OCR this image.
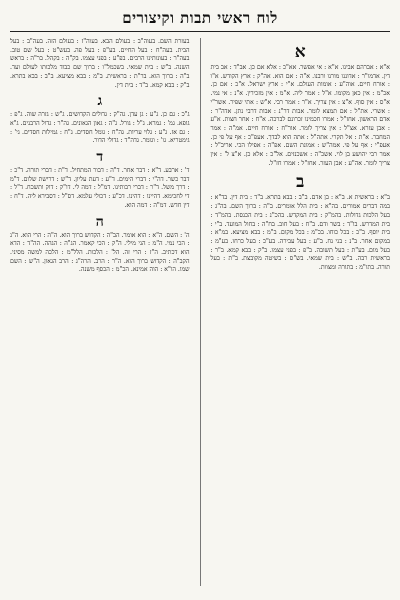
לוח ראשי תבות וקיצורים
א

א"א : אברהם אבינו. א"א : אי אפשר. אא"כ : אלא אם כן. אב"ד : אב בית דין. אדמו"ר : אדוננו מורנו ורבנו. א"ה : אם הוא. אה"ק : ארץ הקודש. א"ו : אורח חיים. אוה"ע : אומות העולם. א"י : ארץ ישראל. א"כ : אם כן. אכ"מ : אין כאן מקומו. א"ל : אמר ליה. א"מ : אין מזכירין. א"נ : אי נמי. א"ס : אין סוף. א"צ : אין צריך. א"ר : אמר רבי. א"ש : אתי שפיר. אשר"י : אשרי. את"ל : אם תמצא לומר. אבות דר"נ : אבות דרבי נתן. אדה"ר : אדם הראשון. אחז"ל : אמרו חכמינו זכרונם לברכה. א"ח : אחר חצות. א"ע : אבן עזרא. אצ"ל : אין צריך לומר. אור"ח : אורח חיים. אמ"ה : אמר המחבר. א"ת : אל תקרי. אתה"ל : אתה הוא לבדך. אעפ"כ : אף על פי כן. אעפ"י : אף על פי. אמה"ש : אמונת השם. אפ"ה : אפילו הכי. אריב"ל : אמר רבי יהושע בן לוי. אשכ"ה : אשכנזים. אל"כ : אלא כן. א"צ ל' : אין צריך לומר. אה"ע : אבן העזר. אחז"ל : אמרו חז"ל.

ב

ב"א : בראשית א. ב"א : בן אדם. ב"ב : בבא בתרא. ב"ד : בית דין. בד"א : במה דברים אמורים. בה"א : בית הלל אומרים. ב"ה : ברוך השם. בה"ג : בעל הלכות גדולות. בהמ"ק : בית המקדש. בהכ"נ : בית הכנסת. בהמ"ד : בית המדרש. בו"ד : בשר ודם. ב"ח : בעל חוב. בח"ה : בחול המועד. ב"י : בית יוסף. ב"כ : בכל כוחו. בכ"מ : בכל מקום. ב"מ : בבא מציעא. במ"א : במקום אחר. ב"נ : בני נח. ב"ע : בעל עבירה. בע"כ : בעל כרחו. בע"מ : בעל מום. בע"ת : בעל תשובה. ב"פ : בפני עצמו. ב"ק : בבא קמא. ב"ר : בראשית רבה. ב"ש : בית שמאי. בש"ס : בשיטה מקובצת. ב"ת : בעל תורה. בתו"מ : בתורה ומצוות.

בעזרת השם. בעוה"ב : בעולם הבא. בעוה"ז : בעולם הזה. בעה"ב : בעל הבית. בעה"ח : בעל החיים. בע"פ : בעל פה. בעש"ט : בעל שם טוב. בעה"ר : בעונותינו הרבים. בפ"ע : בפני עצמו. בק"ה : בקהל. בר"ה : בראש השנה. ב"ש : בית שמאי. בשכמל"ו : ברוך שם כבוד מלכותו לעולם ועד. ב"ה : ברוך הוא. בר"ת : בראשית. ב"מ : בבא מציעא. ב"ב : בבא בתרא. ב"ק : בבא קמא. ב"ד : בית דין.

ג

ג"כ : גם כן. ג"ע : גן עדן. גה"ק : גדולים הקדושים. ג"ש : גזרה שוה. ג"פ : גופא. גמ' : גמרא. ג"ל : גורל. ג"ה : גאון הגאונים. גה"ר : גדול הרבנים. ג"א : גם אז. ג"ע : גלוי עריות. גה"ח : גומל חסדים. ג"ח : גמילות חסדים. גי' : גימטריא. גו' : וגומר. גדה"ד : גדולי הדור.

ד

ד' : ארבע. ד"א : דבר אחר. ד"ה : דבור המתחיל. ד"ת : דברי תורה. ד"כ : דבר כשר. דה"י : דברי הימים. ד"ע : דעת עליון. ד"ש : דרישת שלום. ד"מ : דרך משל. ד"ר : דברי רבותינו. דמ"ל : דמה לי. דו"ק : דוק ותשכח. ד"ל : די לחכימא. דהיינו : דהינו. דכ"ע : דכולי עלמא. דס"ל : דסבירא ליה. ד"ח : דין חדש. דמ"ה : דמה הוא.

ה

ה' : השם. ה"א : הוא אומר. הב"ה : הקדוש ברוך הוא. ה"ה : הרי הוא. ה"נ : הכי נמי. ה"מ : הני מילי. ה"ק : הכי קאמר. הג"ה : הגהה. הה"ד : הדא הוא דכתיב. ה"ז : הרי זה. הל' : הלכות. הלל"מ : הלכה למשה מסיני. הקב"ה : הקדוש ברוך הוא. ה"ר : הרב. הרה"ג : הרב הגאון. ה"ש : השם שמו. הו"א : הוה אמינא. הכ"מ : הכסף משנה.
